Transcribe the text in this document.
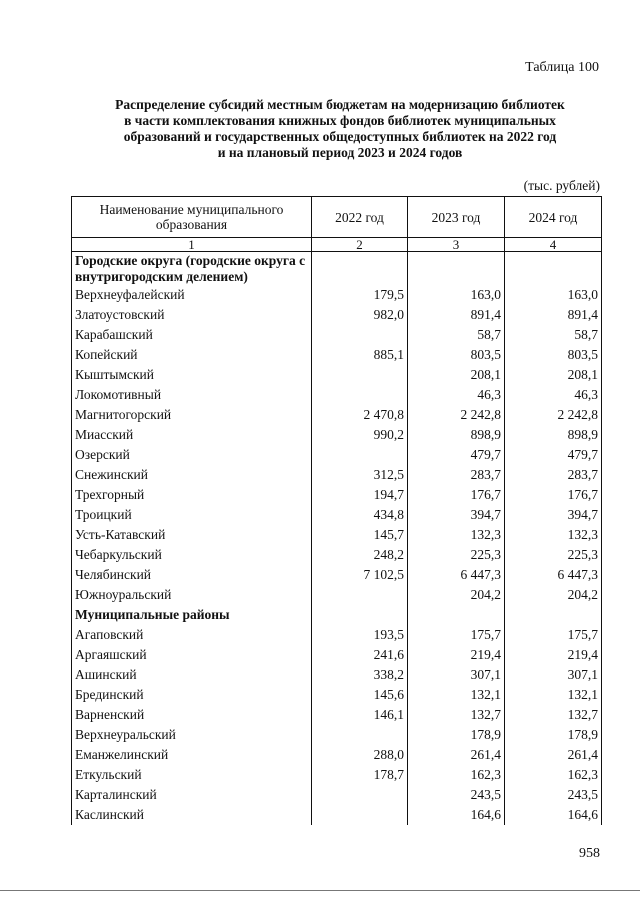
Таблица 100
Распределение субсидий местным бюджетам на модернизацию библиотек
в части комплектования книжных фондов библиотек муниципальных
образований и государственных общедоступных библиотек на 2022 год
и на плановый период 2023 и 2024 годов
(тыс. рублей)
Наименование муниципального образования	2022 год	2023 год	2024 год
1	2	3	4
Городские округа (городские округа с внутригородским делением)			
Верхнеуфалейский	179,5	163,0	163,0
Златоустовский	982,0	891,4	891,4
Карабашский		58,7	58,7
Копейский	885,1	803,5	803,5
Кыштымский		208,1	208,1
Локомотивный		46,3	46,3
Магнитогорский	2 470,8	2 242,8	2 242,8
Миасский	990,2	898,9	898,9
Озерский		479,7	479,7
Снежинский	312,5	283,7	283,7
Трехгорный	194,7	176,7	176,7
Троицкий	434,8	394,7	394,7
Усть-Катавский	145,7	132,3	132,3
Чебаркульский	248,2	225,3	225,3
Челябинский	7 102,5	6 447,3	6 447,3
Южноуральский		204,2	204,2
Муниципальные районы			
Агаповский	193,5	175,7	175,7
Аргаяшский	241,6	219,4	219,4
Ашинский	338,2	307,1	307,1
Брединский	145,6	132,1	132,1
Варненский	146,1	132,7	132,7
Верхнеуральский		178,9	178,9
Еманжелинский	288,0	261,4	261,4
Еткульский	178,7	162,3	162,3
Карталинский		243,5	243,5
Каслинский		164,6	164,6
958
